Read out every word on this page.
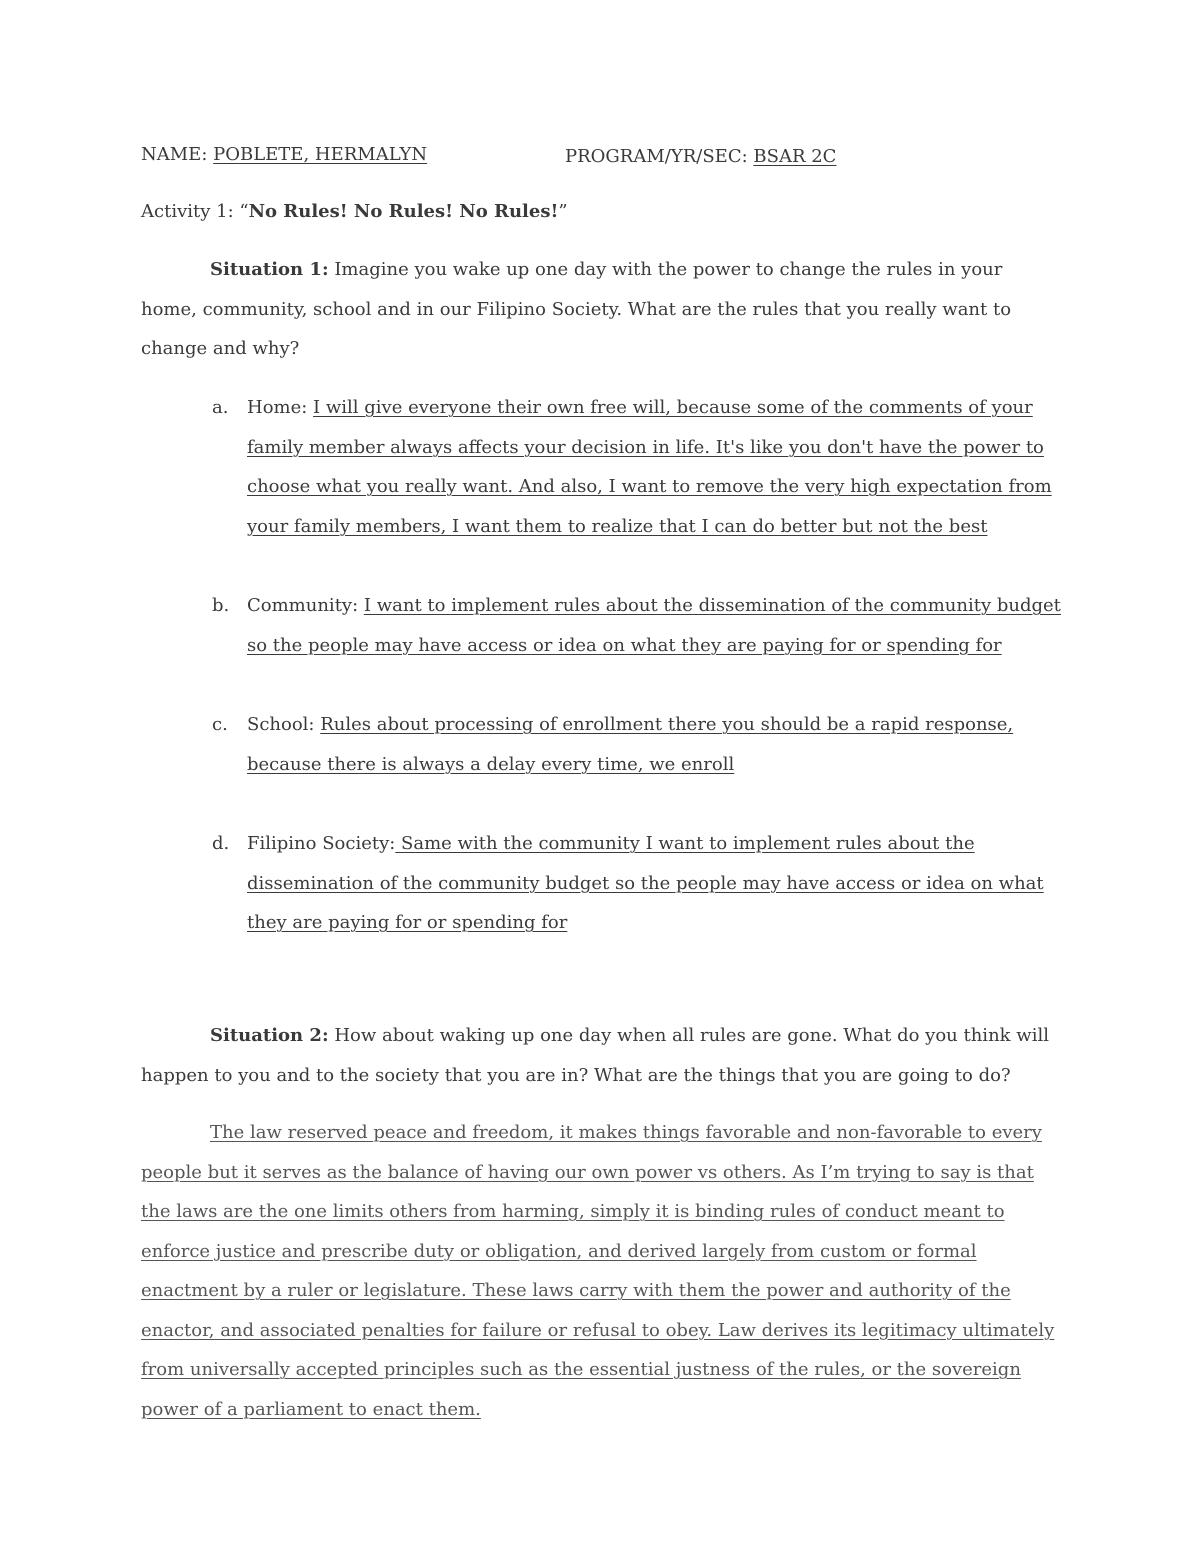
NAME: POBLETE, HERMALYN	PROGRAM/YR/SEC: BSAR 2C
Activity 1: “No Rules! No Rules! No Rules!”
Situation 1: Imagine you wake up one day with the power to change the rules in your home, community, school and in our Filipino Society. What are the rules that you really want to change and why?
a. Home: I will give everyone their own free will, because some of the comments of your family member always affects your decision in life. It's like you don't have the power to choose what you really want. And also, I want to remove the very high expectation from your family members, I want them to realize that I can do better but not the best
b. Community: I want to implement rules about the dissemination of the community budget so the people may have access or idea on what they are paying for or spending for
c. School: Rules about processing of enrollment there you should be a rapid response, because there is always a delay every time, we enroll
d. Filipino Society: Same with the community I want to implement rules about the dissemination of the community budget so the people may have access or idea on what they are paying for or spending for
Situation 2: How about waking up one day when all rules are gone. What do you think will happen to you and to the society that you are in? What are the things that you are going to do?
The law reserved peace and freedom, it makes things favorable and non-favorable to every people but it serves as the balance of having our own power vs others. As I’m trying to say is that the laws are the one limits others from harming, simply it is binding rules of conduct meant to enforce justice and prescribe duty or obligation, and derived largely from custom or formal enactment by a ruler or legislature. These laws carry with them the power and authority of the enactor, and associated penalties for failure or refusal to obey. Law derives its legitimacy ultimately from universally accepted principles such as the essential justness of the rules, or the sovereign power of a parliament to enact them.
